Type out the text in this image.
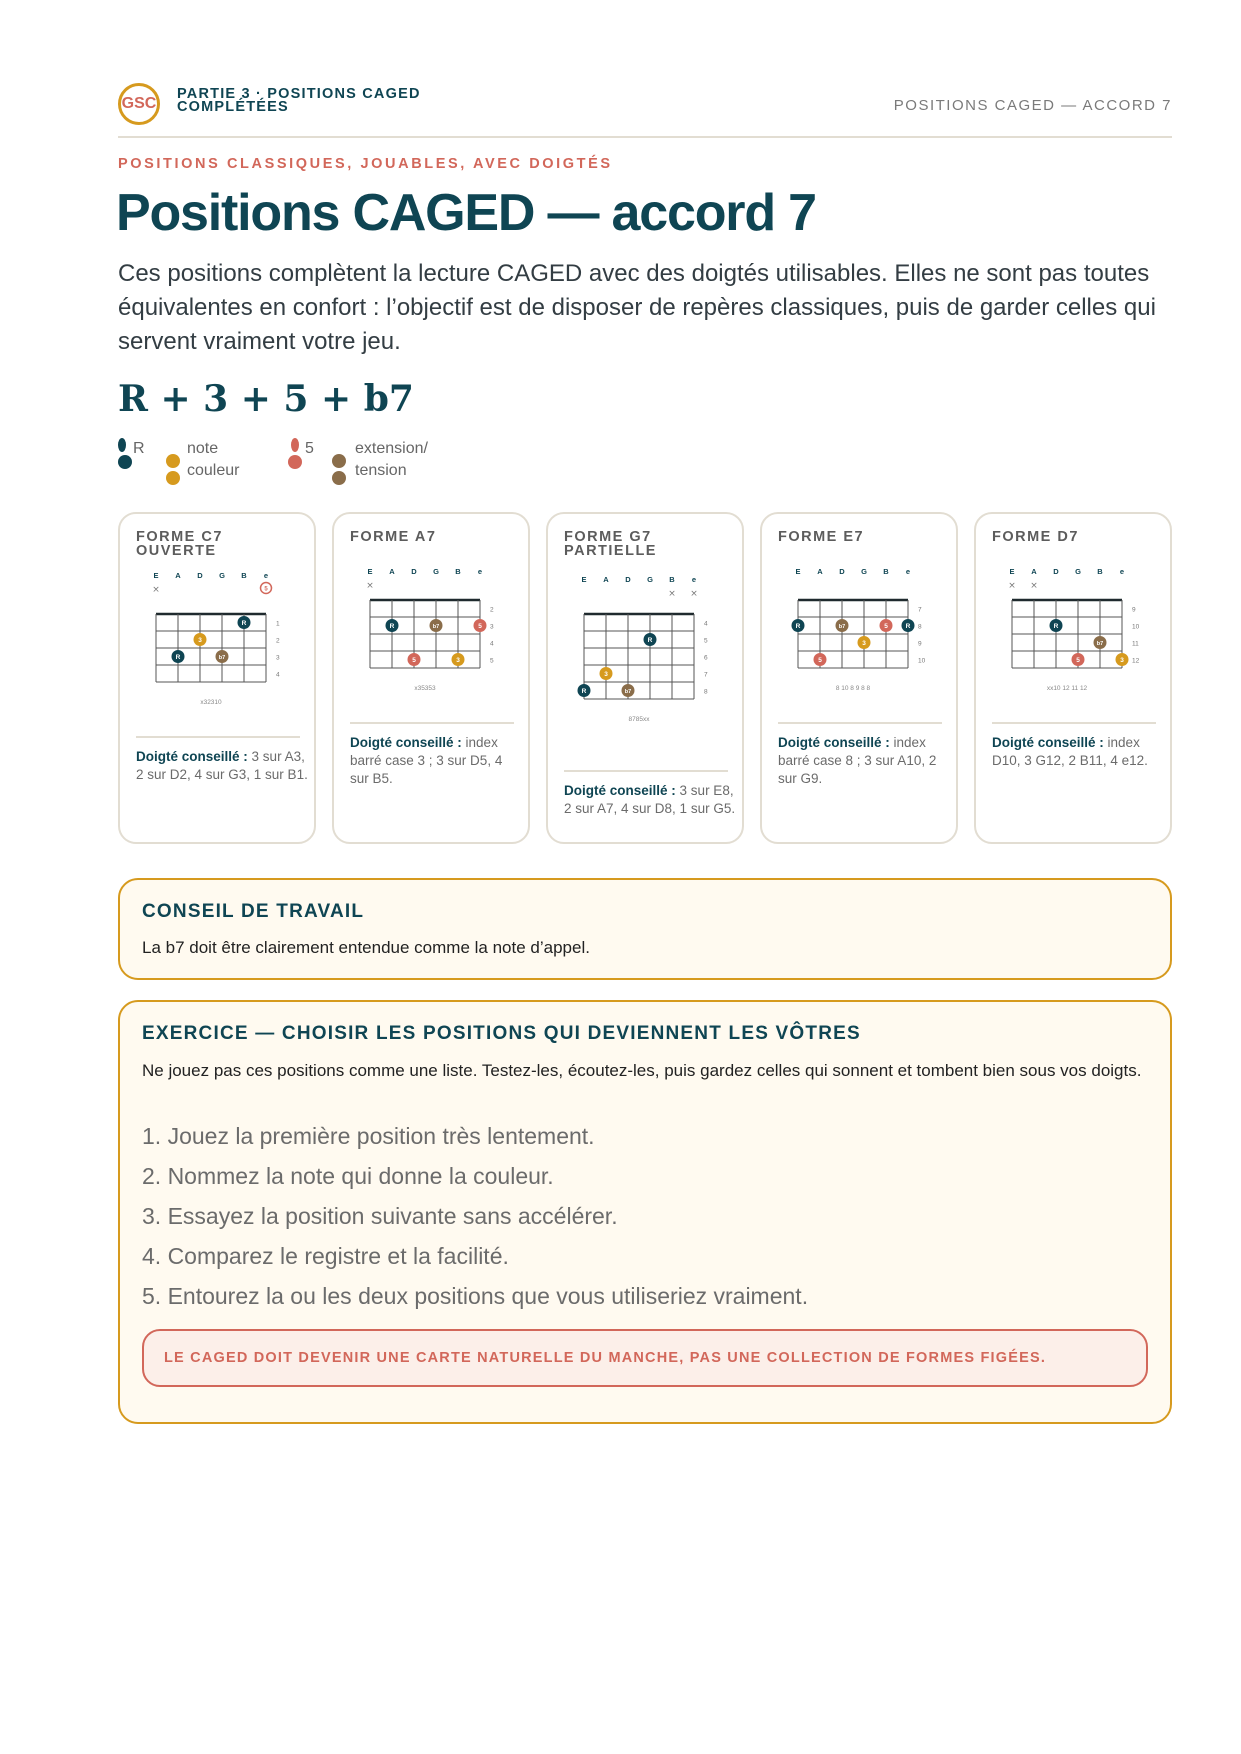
GSC
PARTIE 3 · POSITIONS CAGED COMPLÉTÉES	POSITIONS CAGED — ACCORD 7
POSITIONS CLASSIQUES, JOUABLES, AVEC DOIGTÉS
Positions CAGED — accord 7

Ces positions complètent la lecture CAGED avec des doigtés utilisables. Elles ne sont pas toutes équivalentes en confort : l’objectif est de disposer de repères classiques, puis de garder celles qui servent vraiment votre jeu.

R + 3 + 5 + b7
R	note couleur
5	extension/ tension
FORME C7 OUVERTE
E A D G B e
×	5
1
2
3
4
R
3
R	b7
x32310
Doigté conseillé : 3 sur A3, 2 sur D2, 4 sur G3, 1 sur B1.
FORME A7
E A D G B e
×
2
3
4
5
R	b7	5
5	3
x35353
Doigté conseillé : index barré case 3 ; 3 sur D5, 4 sur B5.
FORME G7 PARTIELLE
E A D G B e
× ×
4
5
6
7
8
R
3
R	b7
8785xx
Doigté conseillé : 3 sur E8, 2 sur A7, 4 sur D8, 1 sur G5.
FORME E7
E A D G B e
7
8
9
10
R	b7	5	R
3
5
8 10 8 9 8 8
Doigté conseillé : index barré case 8 ; 3 sur A10, 2 sur G9.
FORME D7
E A D G B e
× ×
9
10
11
12
R
b7
5	3
xx10 12 11 12
Doigté conseillé : index D10, 3 G12, 2 B11, 4 e12.
CONSEIL DE TRAVAIL
La b7 doit être clairement entendue comme la note d’appel.
EXERCICE — CHOISIR LES POSITIONS QUI DEVIENNENT LES VÔTRES
Ne jouez pas ces positions comme une liste. Testez-les, écoutez-les, puis gardez celles qui sonnent et tombent bien sous vos doigts.
1. Jouez la première position très lentement.
2. Nommez la note qui donne la couleur.
3. Essayez la position suivante sans accélérer.
4. Comparez le registre et la facilité.
5. Entourez la ou les deux positions que vous utiliseriez vraiment.
LE CAGED DOIT DEVENIR UNE CARTE NATURELLE DU MANCHE, PAS UNE COLLECTION DE FORMES FIGÉES.
